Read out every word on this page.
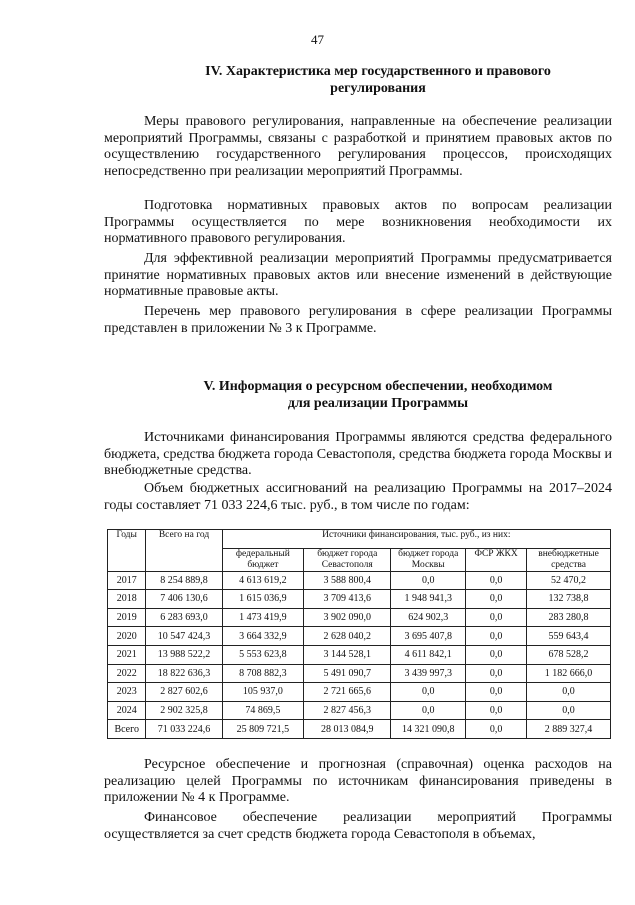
47
IV. Характеристика мер государственного и правового
регулирования
Меры правового регулирования, направленные на обеспечение реализации мероприятий Программы, связаны с разработкой и принятием правовых актов по осуществлению государственного регулирования процессов, происходящих непосредственно при реализации мероприятий Программы.
Подготовка нормативных правовых актов по вопросам реализации Программы осуществляется по мере возникновения необходимости их нормативного правового регулирования.
Для эффективной реализации мероприятий Программы предусматривается принятие нормативных правовых актов или внесение изменений в действующие нормативные правовые акты.
Перечень мер правового регулирования в сфере реализации Программы представлен в приложении № 3 к Программе.
V. Информация о ресурсном обеспечении, необходимом
для реализации Программы
Источниками финансирования Программы являются средства федерального бюджета, средства бюджета города Севастополя, средства бюджета города Москвы и внебюджетные средства.
Объем бюджетных ассигнований на реализацию Программы на 2017–2024 годы составляет 71 033 224,6 тыс. руб., в том числе по годам:
Годы	Всего на год	Источники финансирования, тыс. руб., из них:				
		федеральный бюджет	бюджет города Севастополя	бюджет города Москвы	ФСР ЖКХ	внебюджетные средства
2017	8 254 889,8	4 613 619,2	3 588 800,4	0,0	0,0	52 470,2
2018	7 406 130,6	1 615 036,9	3 709 413,6	1 948 941,3	0,0	132 738,8
2019	6 283 693,0	1 473 419,9	3 902 090,0	624 902,3	0,0	283 280,8
2020	10 547 424,3	3 664 332,9	2 628 040,2	3 695 407,8	0,0	559 643,4
2021	13 988 522,2	5 553 623,8	3 144 528,1	4 611 842,1	0,0	678 528,2
2022	18 822 636,3	8 708 882,3	5 491 090,7	3 439 997,3	0,0	1 182 666,0
2023	2 827 602,6	105 937,0	2 721 665,6	0,0	0,0	0,0
2024	2 902 325,8	74 869,5	2 827 456,3	0,0	0,0	0,0
Всего	71 033 224,6	25 809 721,5	28 013 084,9	14 321 090,8	0,0	2 889 327,4
Ресурсное обеспечение и прогнозная (справочная) оценка расходов на реализацию целей Программы по источникам финансирования приведены в приложении № 4 к Программе.
Финансовое обеспечение реализации мероприятий Программы осуществляется за счет средств бюджета города Севастополя в объемах,
